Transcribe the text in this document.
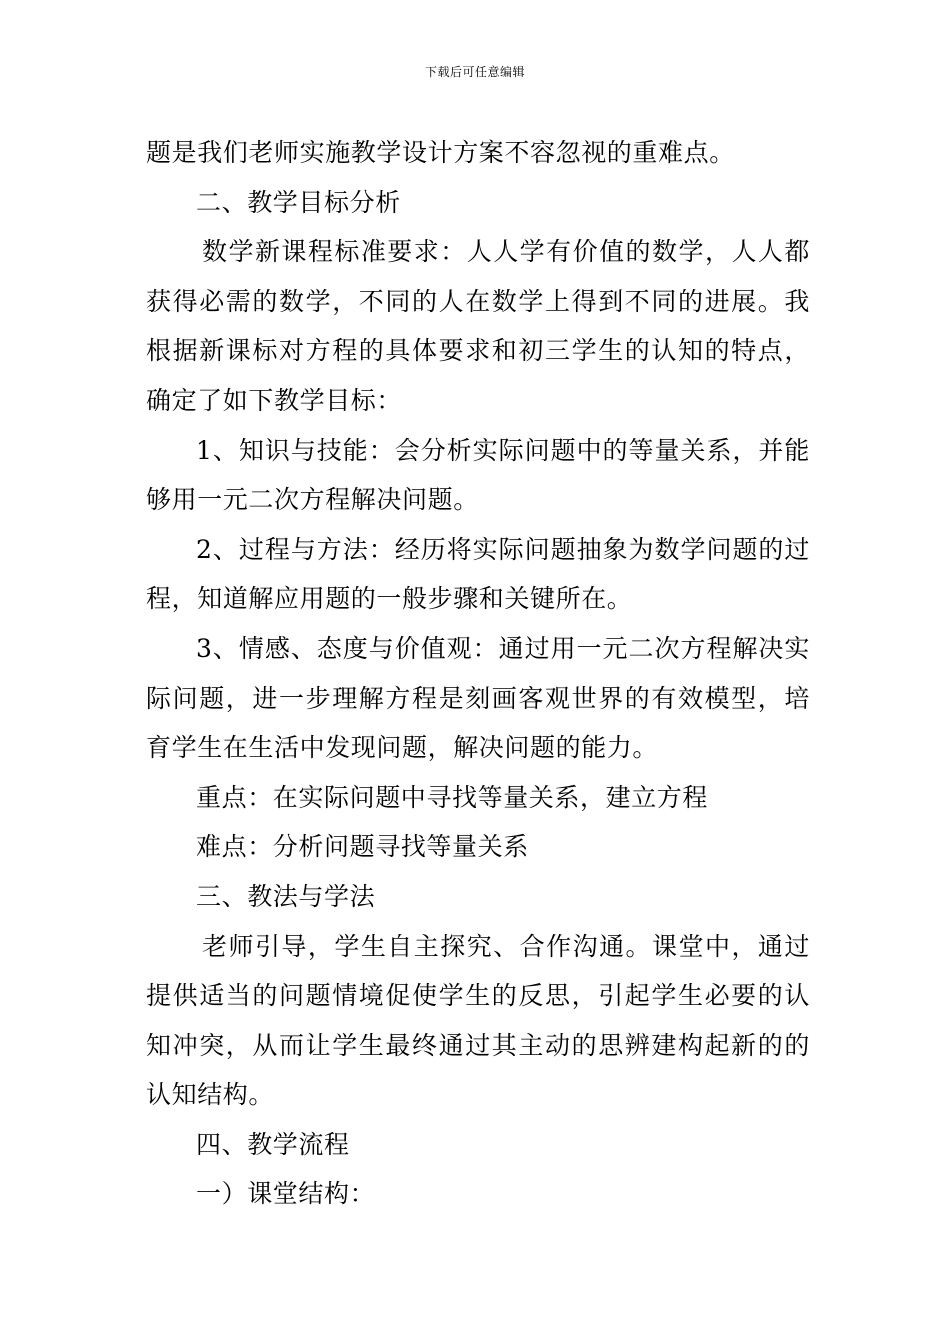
下载后可任意编辑

题是我们老师实施教学设计方案不容忽视的重难点。

二、教学目标分析

数学新课程标准要求：人人学有价值的数学，人人都获得必需的数学，不同的人在数学上得到不同的进展。我根据新课标对方程的具体要求和初三学生的认知的特点，确定了如下教学目标：

1、知识与技能：会分析实际问题中的等量关系，并能够用一元二次方程解决问题。

2、过程与方法：经历将实际问题抽象为数学问题的过程，知道解应用题的一般步骤和关键所在。

3、情感、态度与价值观：通过用一元二次方程解决实际问题，进一步理解方程是刻画客观世界的有效模型，培育学生在生活中发现问题，解决问题的能力。

重点：在实际问题中寻找等量关系，建立方程

难点：分析问题寻找等量关系

三、教法与学法

老师引导，学生自主探究、合作沟通。课堂中，通过提供适当的问题情境促使学生的反思，引起学生必要的认知冲突，从而让学生最终通过其主动的思辨建构起新的的认知结构。

四、教学流程

一）课堂结构：
